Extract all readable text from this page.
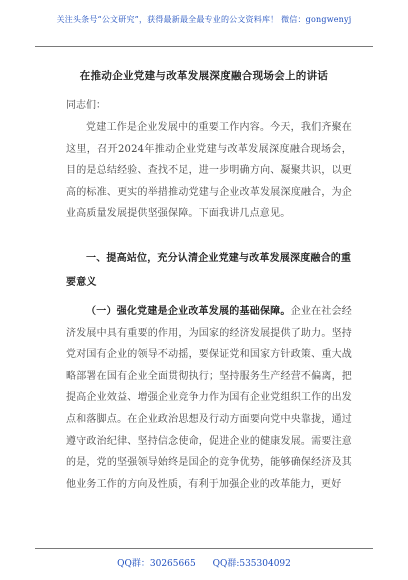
关注头条号“公文研究”，获得最新最全最专业的公文资料库！ 微信：gongwenyj
在推动企业党建与改革发展深度融合现场会上的讲话
同志们：
党建工作是企业发展中的重要工作内容。今天，我们齐聚在这里，召开2024年推动企业党建与改革发展深度融合现场会，目的是总结经验、查找不足，进一步明确方向、凝聚共识，以更高的标准、更实的举措推动党建与企业改革发展深度融合，为企业高质量发展提供坚强保障。下面我讲几点意见。
一、提高站位，充分认清企业党建与改革发展深度融合的重要意义
（一）强化党建是企业改革发展的基础保障。企业在社会经济发展中具有重要的作用，为国家的经济发展提供了助力。坚持党对国有企业的领导不动摇，要保证党和国家方针政策、重大战略部署在国有企业全面贯彻执行；坚持服务生产经营不偏离，把提高企业效益、增强企业竞争力作为国有企业党组织工作的出发点和落脚点。在企业政治思想及行动方面要向党中央靠拢，通过遵守政治纪律、坚持信念使命，促进企业的健康发展。需要注意的是，党的坚强领导始终是国企的竞争优势，能够确保经济及其他业务工作的方向及性质，有利于加强企业的改革能力，更好
QQ群：30265665 QQ群:535304092
